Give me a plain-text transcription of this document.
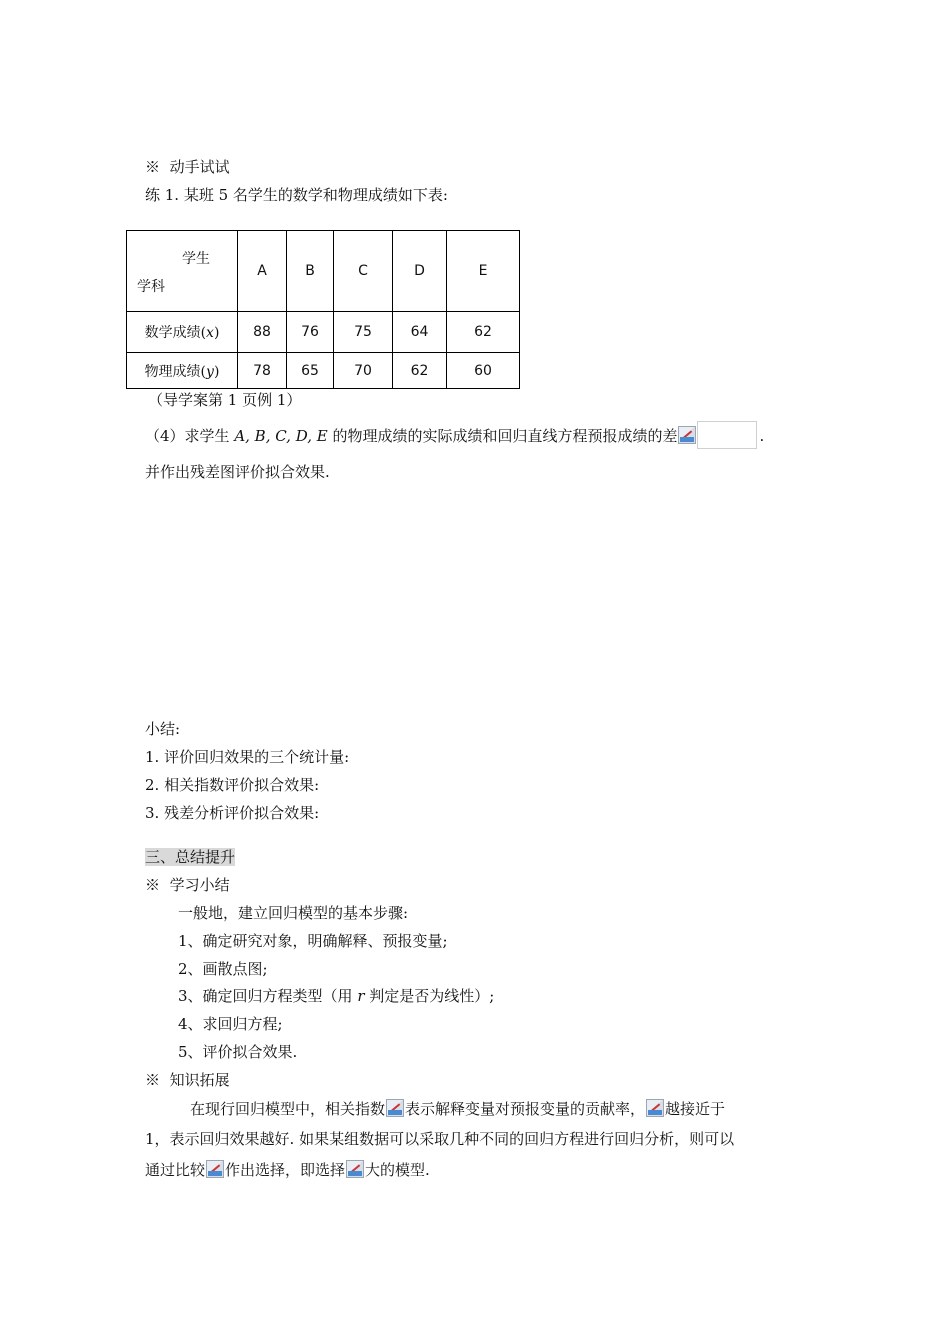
※ 动手试试
练 1. 某班 5 名学生的数学和物理成绩如下表:
学生
学科	A	B	C	D	E
数学成绩(x)	88	76	75	64	62
物理成绩(y)	78	65	70	62	60
（导学案第 1 页例 1）
（4）求学生 A, B, C, D, E 的物理成绩的实际成绩和回归直线方程预报成绩的差	.
并作出残差图评价拟合效果.
小结:
1. 评价回归效果的三个统计量:
2. 相关指数评价拟合效果:
3. 残差分析评价拟合效果:
三、总结提升
※ 学习小结
一般地，建立回归模型的基本步骤:
1、确定研究对象，明确解释、预报变量;
2、画散点图;
3、确定回归方程类型（用 r 判定是否为线性）;
4、求回归方程;
5、评价拟合效果.
※ 知识拓展
在现行回归模型中，相关指数 表示解释变量对预报变量的贡献率， 越接近于
1，表示回归效果越好. 如果某组数据可以采取几种不同的回归方程进行回归分析，则可以
通过比较 作出选择，即选择 大的模型.
